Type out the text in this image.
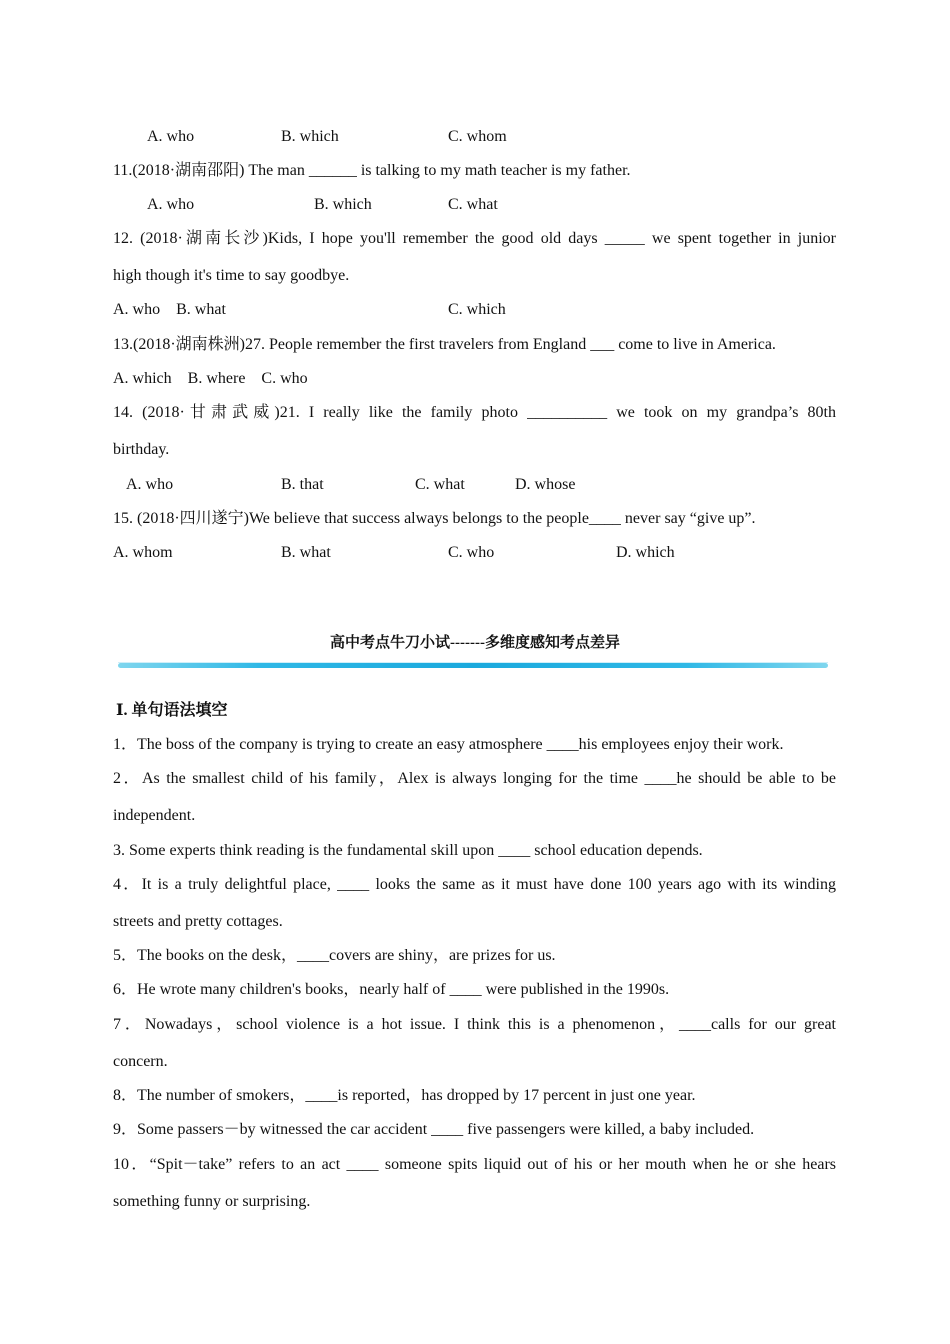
A. who	B. which	C. whom
11.(2018·湖南邵阳) The man ______ is talking to my math teacher is my father.
A. who	B. which	C. what
12. (2018·湖南长沙)Kids, I hope you'll remember the good old days _____ we spent together in junior
high though it's time to say goodbye.
A. who　B. what	C. which
13.(2018·湖南株洲)27. People remember the first travelers from England ___ come to live in America.
A. which　B. where　C. who
14. (2018·甘肃武威)21. I really like the family photo __________ we took on my grandpa’s 80th
birthday.
A. who	B. that	C. what	D. whose
15. (2018·四川遂宁)We believe that success always belongs to the people____ never say “give up”.
A. whom	B. what	C. who	D. which
高中考点牛刀小试-------多维度感知考点差异
Ⅰ. 单句语法填空
1．The boss of the company is trying to create an easy atmosphere ____his employees enjoy their work.
2．As the smallest child of his family，Alex is always longing for the time ____he should be able to be
independent.
3. Some experts think reading is the fundamental skill upon ____ school education depends.
4．It is a truly delightful place, ____ looks the same as it must have done 100 years ago with its winding
streets and pretty cottages.
5．The books on the desk，____covers are shiny，are prizes for us.
6．He wrote many children's books，nearly half of ____ were published in the 1990s.
7．Nowadays，school violence is a hot issue. I think this is a phenomenon，____calls for our great
concern.
8．The number of smokers，____is reported，has dropped by 17 percent in just one year.
9．Some passers－by witnessed the car accident ____ five passengers were killed, a baby included.
10．“Spit－take” refers to an act ____ someone spits liquid out of his or her mouth when he or she hears
something funny or surprising.
